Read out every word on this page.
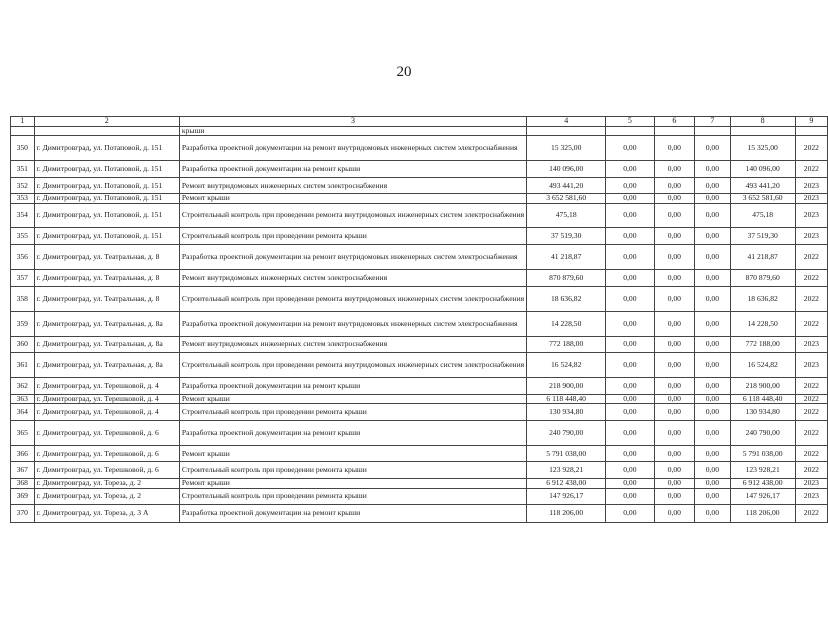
20
1	2	3	4	5	6	7	8	9
		крыши						
350	г. Димитровград, ул. Потаповой, д. 151	Разработка проектной документации на ремонт внутридомовых инженерных систем электроснабжения	15 325,00	0,00	0,00	0,00	15 325,00	2022
351	г. Димитровград, ул. Потаповой, д. 151	Разработка проектной документации на ремонт крыши	140 096,00	0,00	0,00	0,00	140 096,00	2022
352	г. Димитровград, ул. Потаповой, д. 151	Ремонт внутридомовых инженерных систем электроснабжения	493 441,20	0,00	0,00	0,00	493 441,20	2023
353	г. Димитровград, ул. Потаповой, д. 151	Ремонт крыши	3 652 581,60	0,00	0,00	0,00	3 652 581,60	2023
354	г. Димитровград, ул. Потаповой, д. 151	Строительный контроль при проведении ремонта внутридомовых инженерных систем электроснабжения	475,18	0,00	0,00	0,00	475,18	2023
355	г. Димитровград, ул. Потаповой, д. 151	Строительный контроль при проведении ремонта крыши	37 519,30	0,00	0,00	0,00	37 519,30	2023
356	г. Димитровград, ул. Театральная, д. 8	Разработка проектной документации на ремонт внутридомовых инженерных систем электроснабжения	41 218,87	0,00	0,00	0,00	41 218,87	2022
357	г. Димитровград, ул. Театральная, д. 8	Ремонт внутридомовых инженерных систем электроснабжения	870 879,60	0,00	0,00	0,00	870 879,60	2022
358	г. Димитровград, ул. Театральная, д. 8	Строительный контроль при проведении ремонта внутридомовых инженерных систем электроснабжения	18 636,82	0,00	0,00	0,00	18 636,82	2022
359	г. Димитровград, ул. Театральная, д. 8а	Разработка проектной документации на ремонт внутридомовых инженерных систем электроснабжения	14 228,50	0,00	0,00	0,00	14 228,50	2022
360	г. Димитровград, ул. Театральная, д. 8а	Ремонт внутридомовых инженерных систем электроснабжения	772 188,00	0,00	0,00	0,00	772 188,00	2023
361	г. Димитровград, ул. Театральная, д. 8а	Строительный контроль при проведении ремонта внутридомовых инженерных систем электроснабжения	16 524,82	0,00	0,00	0,00	16 524,82	2023
362	г. Димитровград, ул. Терешковой, д. 4	Разработка проектной документации на ремонт крыши	218 900,00	0,00	0,00	0,00	218 900,00	2022
363	г. Димитровград, ул. Терешковой, д. 4	Ремонт крыши	6 118 448,40	0,00	0,00	0,00	6 118 448,40	2022
364	г. Димитровград, ул. Терешковой, д. 4	Строительный контроль при проведении ремонта крыши	130 934,80	0,00	0,00	0,00	130 934,80	2022
365	г. Димитровград, ул. Терешковой, д. 6	Разработка проектной документации на ремонт крыши	240 790,00	0,00	0,00	0,00	240 790,00	2022
366	г. Димитровград, ул. Терешковой, д. 6	Ремонт крыши	5 791 038,00	0,00	0,00	0,00	5 791 038,00	2022
367	г. Димитровград, ул. Терешковой, д. 6	Строительный контроль при проведении ремонта крыши	123 928,21	0,00	0,00	0,00	123 928,21	2022
368	г. Димитровград, ул. Тореза, д. 2	Ремонт крыши	6 912 438,00	0,00	0,00	0,00	6 912 438,00	2023
369	г. Димитровград, ул. Тореза, д. 2	Строительный контроль при проведении ремонта крыши	147 926,17	0,00	0,00	0,00	147 926,17	2023
370	г. Димитровград, ул. Тореза, д. 3 А	Разработка проектной документации на ремонт крыши	118 206,00	0,00	0,00	0,00	118 206,00	2022
